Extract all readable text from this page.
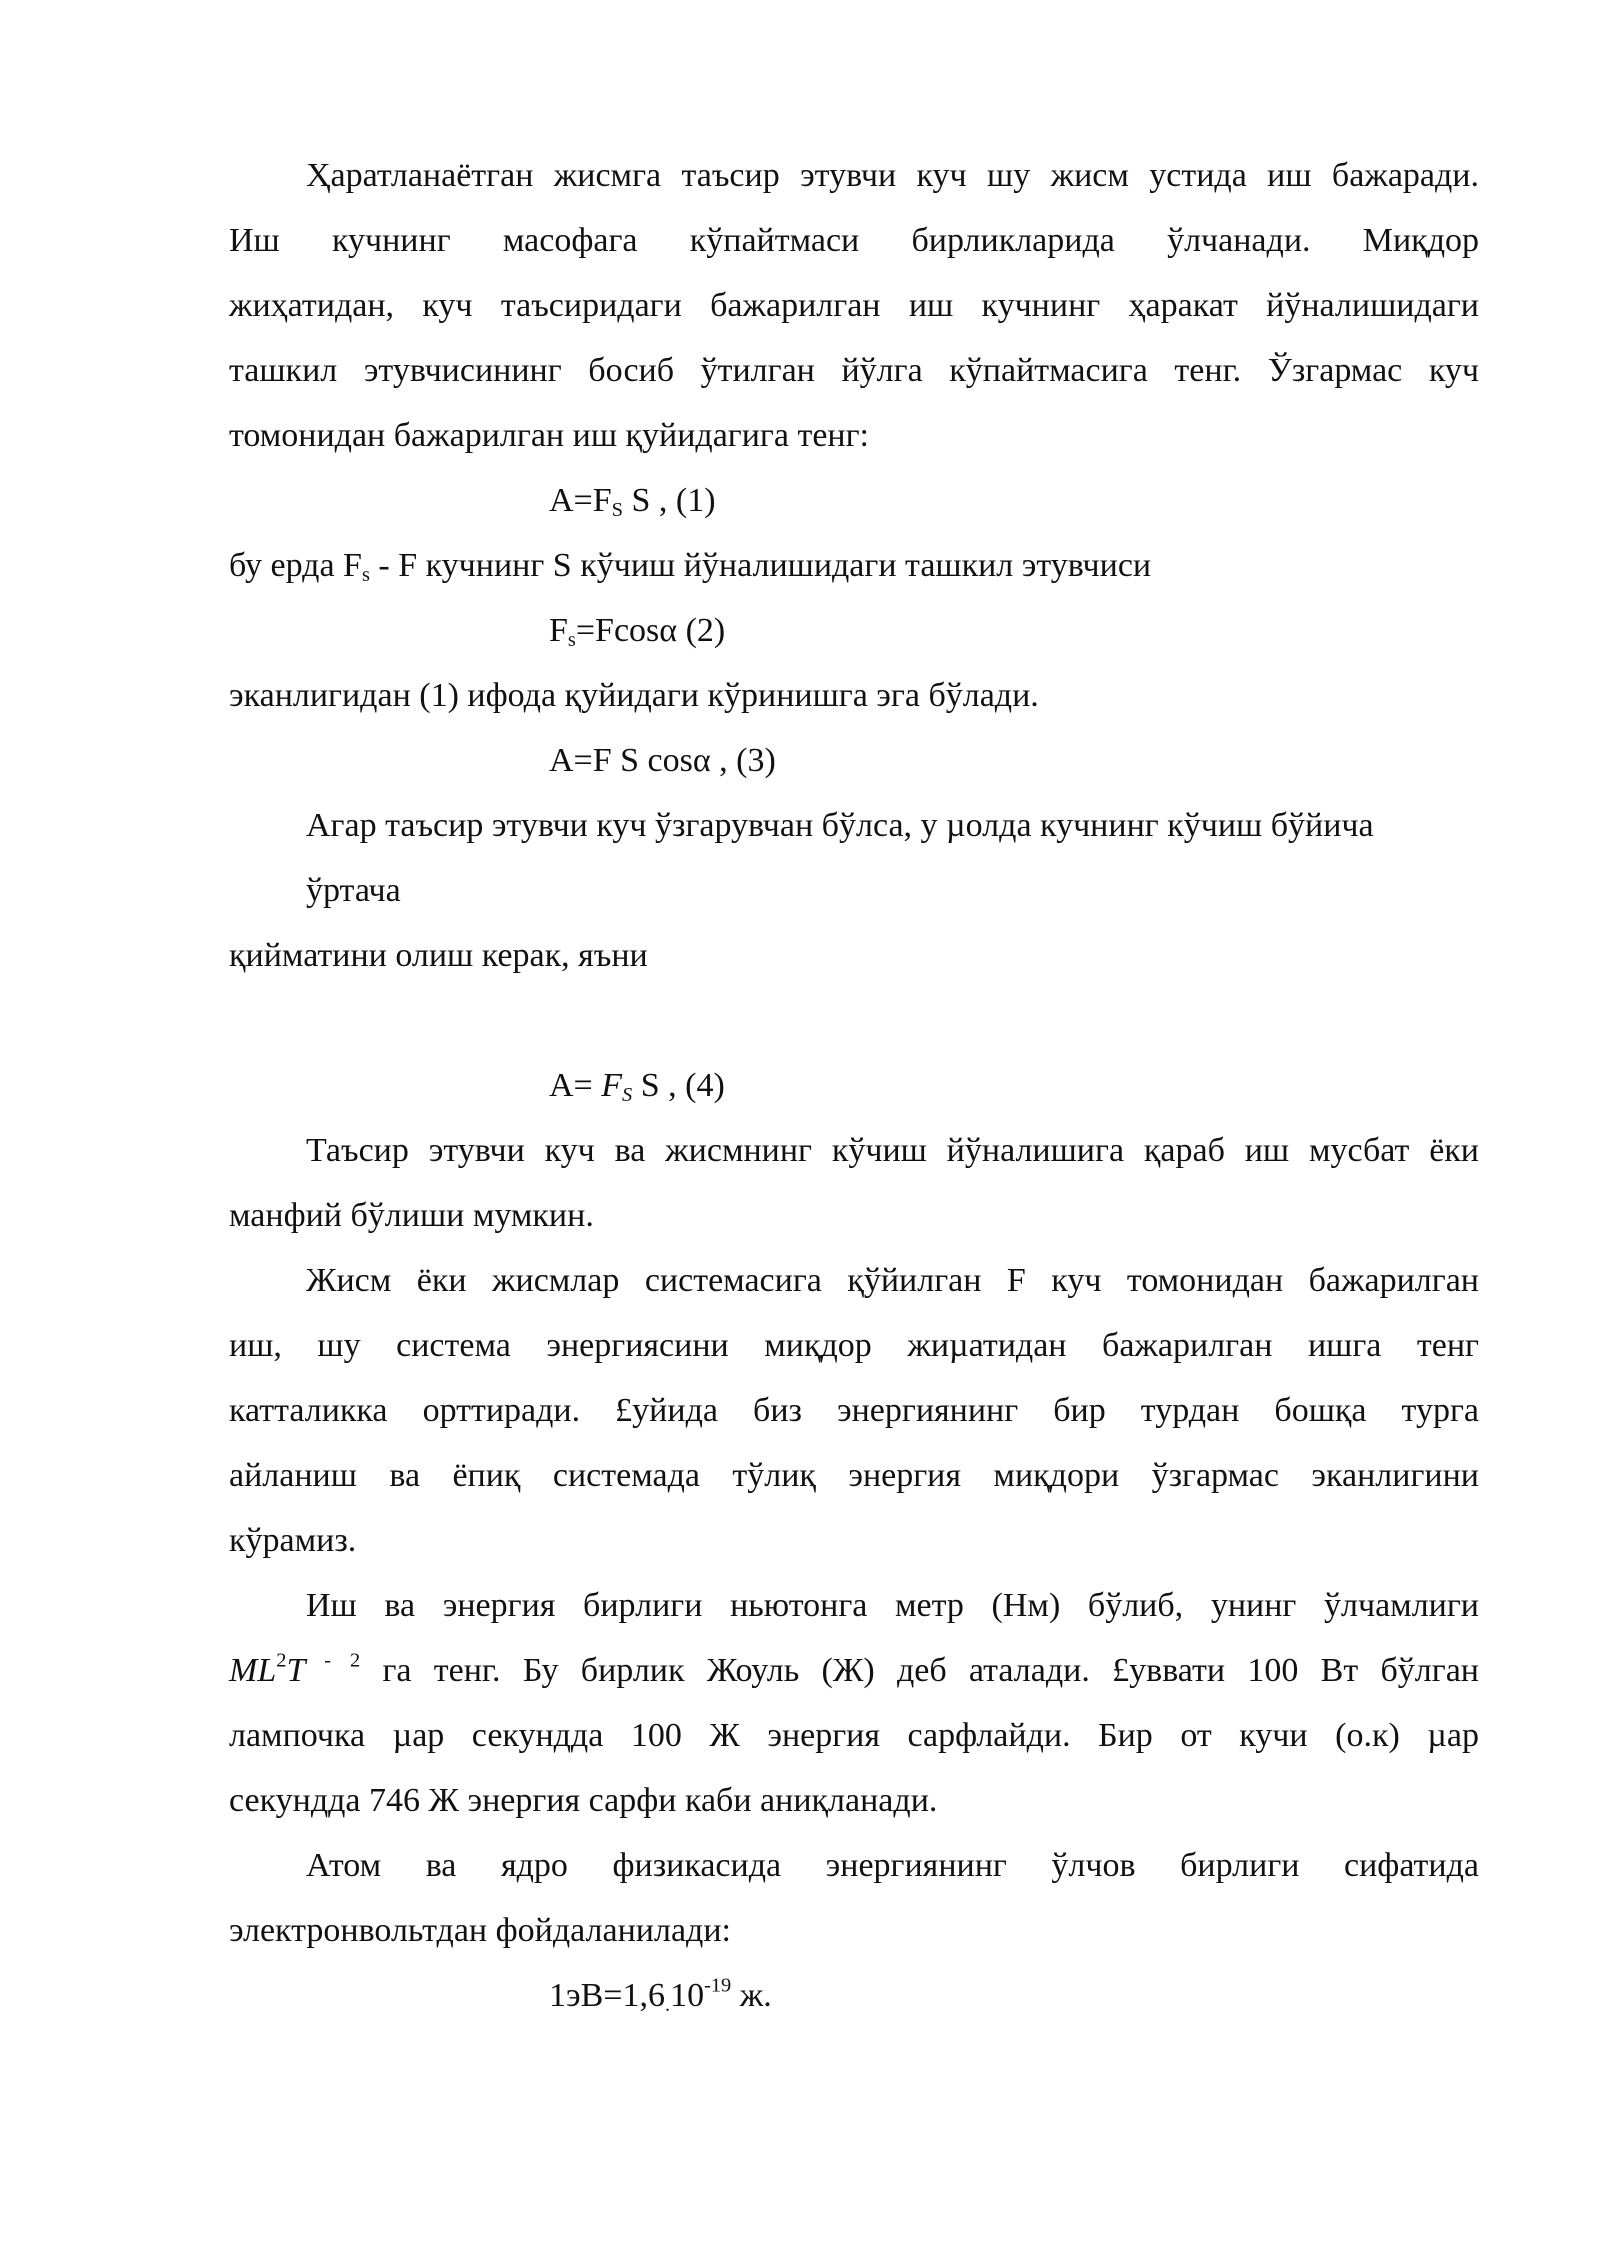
Ҳаратланаётган жисмга таъсир этувчи куч шу жисм устида иш бажаради.
Иш кучнинг масофага кўпайтмаси бирликларида ўлчанади. Миқдор
жиҳатидан, куч таъсиридаги бажарилган иш кучнинг ҳаракат йўналишидаги
ташкил этувчисининг босиб ўтилган йўлга кўпайтмасига тенг. Ўзгармас куч
томонидан бажарилган иш қуйидагига тенг:
$A=F_S$ S , (1)
бу ерда $F_s$ - F кучнинг S кўчиш йўналишидаги ташкил этувчиси
$F_s=Fcos\alpha$ (2)
эканлигидан (1) ифода қуйидаги кўринишга эга бўлади.
A=F S cosα , (3)
Агар таъсир этувчи куч ўзгарувчан бўлса, у µолда кучнинг кўчиш бўйича
ўртача
қийматини олиш керак, яъни
$A= F_S$ S , (4)
Таъсир этувчи куч ва жисмнинг кўчиш йўналишига қараб иш мусбат ёки
манфий бўлиши мумкин.
Жисм ёки жисмлар системасига қўйилган F куч томонидан бажарилган
иш, шу система энергиясини миқдор жиµатидан бажарилган ишга тенг
катталикка орттиради. £уйида биз энергиянинг бир турдан бошқа турга
айланиш ва ёпиқ системада тўлиқ энергия миқдори ўзгармас эканлигини
кўрамиз.
Иш ва энергия бирлиги ньютонга метр (Нм) бўлиб, унинг ўлчамлиги
$ML^2T$ $^{- 2}$ га тенг. Бу бирлик Жоуль (Ж) деб аталади. £уввати 100 Вт бўлган
лампочка µар секундда 100 Ж энергия сарфлайди. Бир от кучи (о.к) µар
секундда 746 Ж энергия сарфи каби аниқланади.
Атом ва ядро физикасида энергиянинг ўлчов бирлиги сифатида
электронвольтдан фойдаланилади:
$1эВ=1,6_.10^{-19}$ ж.
